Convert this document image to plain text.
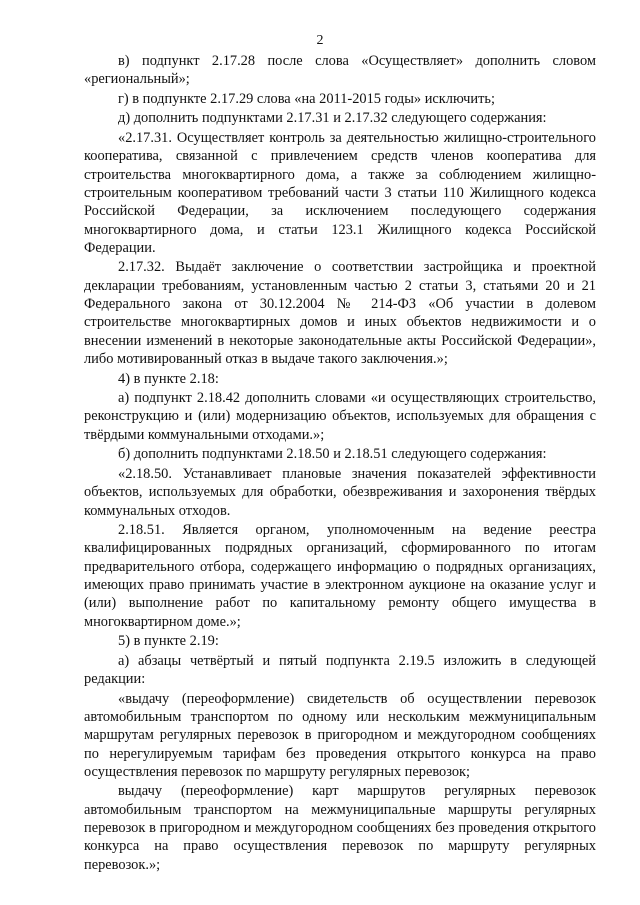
2

в) подпункт 2.17.28 после слова «Осуществляет» дополнить словом «региональный»;

г) в подпункте 2.17.29 слова «на 2011-2015 годы» исключить;

д) дополнить подпунктами 2.17.31 и 2.17.32 следующего содержания:

«2.17.31. Осуществляет контроль за деятельностью жилищно-строительного кооператива, связанной с привлечением средств членов кооператива для строительства многоквартирного дома, а также за соблюдением жилищно-строительным кооперативом требований части 3 статьи 110 Жилищного кодекса Российской Федерации, за исключением последующего содержания многоквартирного дома, и статьи 123.1 Жилищного кодекса Российской Федерации.

2.17.32. Выдаёт заключение о соответствии застройщика и проектной декларации требованиям, установленным частью 2 статьи 3, статьями 20 и 21 Федерального закона от 30.12.2004 № 214-ФЗ «Об участии в долевом строительстве многоквартирных домов и иных объектов недвижимости и о внесении изменений в некоторые законодательные акты Российской Федерации», либо мотивированный отказ в выдаче такого заключения.»;

4) в пункте 2.18:

а) подпункт 2.18.42 дополнить словами «и осуществляющих строительство, реконструкцию и (или) модернизацию объектов, используемых для обращения с твёрдыми коммунальными отходами.»;

б) дополнить подпунктами 2.18.50 и 2.18.51 следующего содержания:

«2.18.50. Устанавливает плановые значения показателей эффективности объектов, используемых для обработки, обезвреживания и захоронения твёрдых коммунальных отходов.

2.18.51. Является органом, уполномоченным на ведение реестра квалифицированных подрядных организаций, сформированного по итогам предварительного отбора, содержащего информацию о подрядных организациях, имеющих право принимать участие в электронном аукционе на оказание услуг и (или) выполнение работ по капитальному ремонту общего имущества в многоквартирном доме.»;

5) в пункте 2.19:

а) абзацы четвёртый и пятый подпункта 2.19.5 изложить в следующей редакции:

«выдачу (переоформление) свидетельств об осуществлении перевозок автомобильным транспортом по одному или нескольким межмуниципальным маршрутам регулярных перевозок в пригородном и междугородном сообщениях по нерегулируемым тарифам без проведения открытого конкурса на право осуществления перевозок по маршруту регулярных перевозок;

выдачу (переоформление) карт маршрутов регулярных перевозок автомобильным транспортом на межмуниципальные маршруты регулярных перевозок в пригородном и междугородном сообщениях без проведения открытого конкурса на право осуществления перевозок по маршруту регулярных перевозок.»;
